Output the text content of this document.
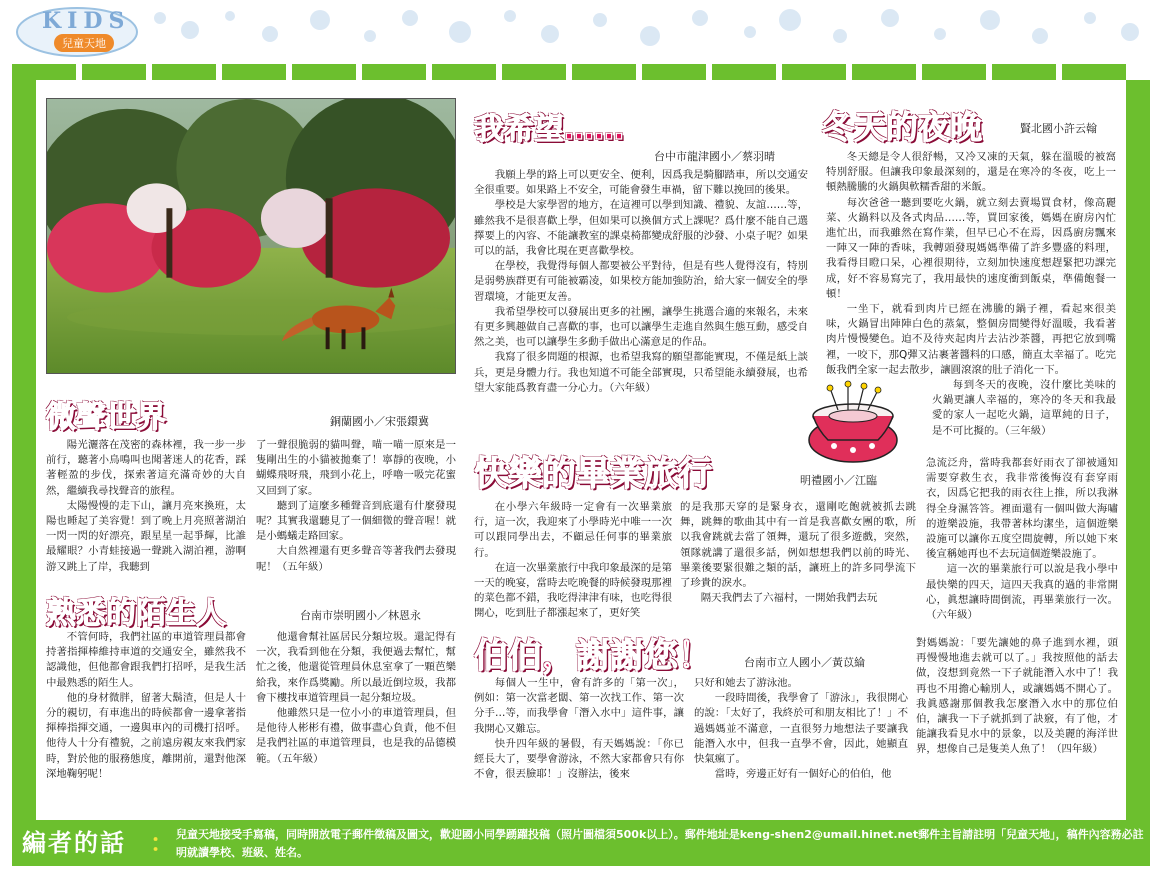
KIDS
兒童天地
微聲世界	銅蘭國小／宋張鐶冀

陽光灑落在茂密的森林裡，我一步一步前行，聽著小鳥鳴叫也聞著迷人的花香，踩著輕盈的步伐，探索著這充滿奇妙的大自然，繼續我尋找聲音的旅程。

太陽慢慢的走下山，讓月亮來換班，太陽也睡起了美容覺！到了晚上月亮照著湖泊一閃一閃的好漂亮，跟星星一起爭輝，比誰最耀眼？小青蛙接過一聲跳入湖泊裡，游啊游又跳上了岸，我聽到

了一聲很脆弱的貓叫聲，喵一喵一原來是一隻剛出生的小貓被拋棄了！寧靜的夜晚，小蝴蝶飛呀飛，飛到小花上，呼嚕一吸完花蜜又回到了家。

聽到了這麼多種聲音到底還有什麼發現呢？其實我還聽見了一個細微的聲音喔！就是小螞蟻走路回家。

大自然裡還有更多聲音等著我們去發現呢！（五年級）

熟悉的陌生人	台南市崇明國小／林恩永

不管何時，我們社區的車道管理員都會持著指揮棒維持車道的交通安全，雖然我不認識他，但他都會跟我們打招呼，是我生活中最熟悉的陌生人。

他的身材微胖，留著大鬍渣，但是人十分的親切，有車進出的時候都會一邊拿著指揮棒指揮交通，一邊與車內的司機打招呼。他待人十分有禮貌，之前遠房親友來我們家時，對於他的服務態度，離開前，還對他深深地鞠躬呢！

他還會幫社區居民分類垃圾。還記得有一次，我看到他在分類，我便過去幫忙，幫忙之後，他還從管理員休息室拿了一顆芭樂給我，來作爲獎勵。所以最近倒垃圾，我都會下樓找車道管理員一起分類垃圾。

他雖然只是一位小小的車道管理員，但是他待人彬彬有禮，做事盡心負責，他不但是我們社區的車道管理員，也是我的品德模範。（五年級）

我希望……
台中市龍津國小／蔡羽晴

我願上學的路上可以更安全、便利，因爲我是騎腳踏車，所以交通安全很重要。如果路上不安全，可能會發生車禍，留下難以挽回的後果。

學校是大家學習的地方，在這裡可以學到知識、禮貌、友誼……等，雖然我不是很喜歡上學，但如果可以換個方式上課呢？爲什麼不能自己選擇要上的內容、不能讓教室的課桌椅都變成舒服的沙發、小桌子呢？如果可以的話，我會比現在更喜歡學校。

在學校，我覺得每個人都要被公平對待，但是有些人覺得沒有，特別是弱勢族群更有可能被霸凌，如果校方能加強防治，給大家一個安全的學習環境，才能更友善。

我希望學校可以發展出更多的社團，讓學生挑選合適的來報名，未來有更多興趣做自己喜歡的事，也可以讓學生走進自然與生態互動，感受自然之美，也可以讓學生多動手做出心滿意足的作品。

我寫了很多問題的根源，也希望我寫的願望都能實現，不僅是紙上談兵，更是身體力行。我也知道不可能全部實現，只希望能永續發展，也希望大家能爲教育盡一分心力。（六年級）

冬天的夜晚	賢北國小許云翰

冬天總是令人很舒暢，又冷又凍的天氣，躲在溫暖的被窩特別舒服。但讓我印象最深刻的，還是在寒冷的冬夜，吃上一頓熱騰騰的火鍋與軟糯香甜的米飯。

每次爸爸一聽到要吃火鍋，就立刻去賣場買食材，像高麗菜、火鍋料以及各式肉品……等，買回家後，媽媽在廚房內忙進忙出，而我雖然在寫作業，但早已心不在焉，因爲廚房飄來一陣又一陣的香味，我轉頭發現媽媽準備了許多豐盛的料理，我看得目瞪口呆，心裡很期待，立刻加快速度想趕緊把功課完成，好不容易寫完了，我用最快的速度衝到飯桌，準備飽餐一頓！

一坐下，就看到肉片已經在沸騰的鍋子裡，看起來很美味，火鍋冒出陣陣白色的蒸氣，整個房間變得好溫暖，我看著肉片慢慢變色。迫不及待夾起肉片去沾沙茶醬，再把它放到嘴裡，一咬下，那Q彈又沾裹著醬料的口感，簡直太幸福了。吃完飯我們全家一起去散步，讓圓滾滾的肚子消化一下。

每到冬天的夜晚，沒什麼比美味的火鍋更讓人幸福的，寒冷的冬天和我最愛的家人一起吃火鍋，這單純的日子，是不可比擬的。（三年級）

快樂的畢業旅行	明禮國小／江臨

在小學六年級時一定會有一次畢業旅行，這一次，我迎來了小學時光中唯一一次可以跟同學出去，不顧忌任何事的畢業旅行。

在這一次畢業旅行中我印象最深的是第一天的晚宴，當時去吃晚餐的時候發現那裡的菜色都不錯，我吃得津津有味，也吃得很開心，吃到肚子都漲起來了，更好笑

的是我那天穿的是緊身衣，還剛吃飽就被抓去跳舞，跳舞的歌曲其中有一首是我喜歡女團的歌，所以我會跳就去當了領舞，還玩了很多遊戲，突然，領隊就講了還很多話，例如想想我們以前的時光、畢業後要緊很難之類的話，讓班上的許多同學流下了珍貴的淚水。

隔天我們去了六福村，一開始我們去玩

急流泛舟，當時我都套好雨衣了卻被通知需要穿救生衣，我非常後悔沒有套穿雨衣，因爲它把我的雨衣往上推，所以我淋得全身濕答答。裡面還有一個叫做大海嘯的遊樂設施，我帶著林均潔坐，這個遊樂設施可以讓你五度空間旋轉，所以她下來後宣稱她再也不去玩這個遊樂設施了。

這一次的畢業旅行可以說是我小學中最快樂的四天，這四天我真的過的非常開心，眞想讓時間倒流，再畢業旅行一次。（六年級）

伯伯，謝謝您！	台南市立人國小／黃苡綸

每個人一生中，會有許多的「第一次」，例如：第一次當老闆、第一次找工作、第一次分手…等，而我學會「潛入水中」這件事，讓我開心又難忘。

快升四年級的暑假，有天媽媽說：「你已經長大了，要學會游泳，不然大家都會只有你不會，很丟臉耶！」沒辦法，後來

只好和她去了游泳池。

一段時間後，我學會了「游泳」，我很開心的說：「太好了，我終於可和朋友相比了！」不過媽媽並不滿意，一直很努力地想法子要讓我能潛入水中，但我一直學不會，因此，她顯直快氣瘋了。

當時，旁邊正好有一個好心的伯伯，他

對媽媽說：「要先讓她的鼻子進到水裡，頭再慢慢地進去就可以了。」我按照他的話去做，沒想到竟然一下子就能潛入水中了！我再也不用擔心輸別人，或讓媽媽不開心了。我眞感謝那個教我怎麼潛入水中的那位伯伯，讓我一下子就抓到了訣竅，有了他，才能讓我看見水中的景象，以及美麗的海洋世界，想像自己是隻美人魚了！（四年級）

編者的話 ： 兒童天地接受手寫稿，同時開放電子郵件徵稿及圖文，歡迎國小同學踴躍投稿（照片圖檔須500k以上）。郵件地址是keng-shen2@umail.hinet.net郵件主旨請註明「兒童天地」，稿件內容務必註明就讀學校、班級、姓名。
